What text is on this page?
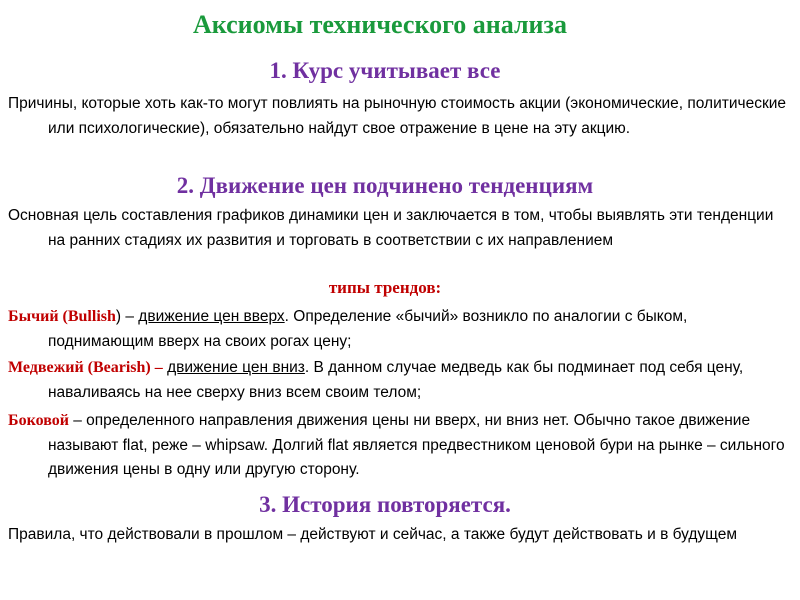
Аксиомы технического анализа
1. Курс учитывает все

Причины, которые хоть как-то могут повлиять на рыночную стоимость акции (экономические, политические или психологические), обязательно найдут свое отражение в цене на эту акцию.

2. Движение цен подчинено тенденциям

Основная цель составления графиков динамики цен и заключается в том, чтобы выявлять эти тенденции на ранних стадиях их развития и торговать в соответствии с их направлением

типы трендов:

Бычий (Bullish) – движение цен вверх. Определение «бычий» возникло по аналогии с быком, поднимающим вверх на своих рогах цену;

Медвежий (Bearish) – движение цен вниз. В данном случае медведь как бы подминает под себя цену, наваливаясь на нее сверху вниз всем своим телом;

Боковой – определенного направления движения цены ни вверх, ни вниз нет. Обычно такое движение называют flat, реже – whipsaw. Долгий flat является предвестником ценовой бури на рынке – сильного движения цены в одну или другую сторону.

3. История повторяется.

Правила, что действовали в прошлом – действуют и сейчас, а также будут действовать и в будущем
